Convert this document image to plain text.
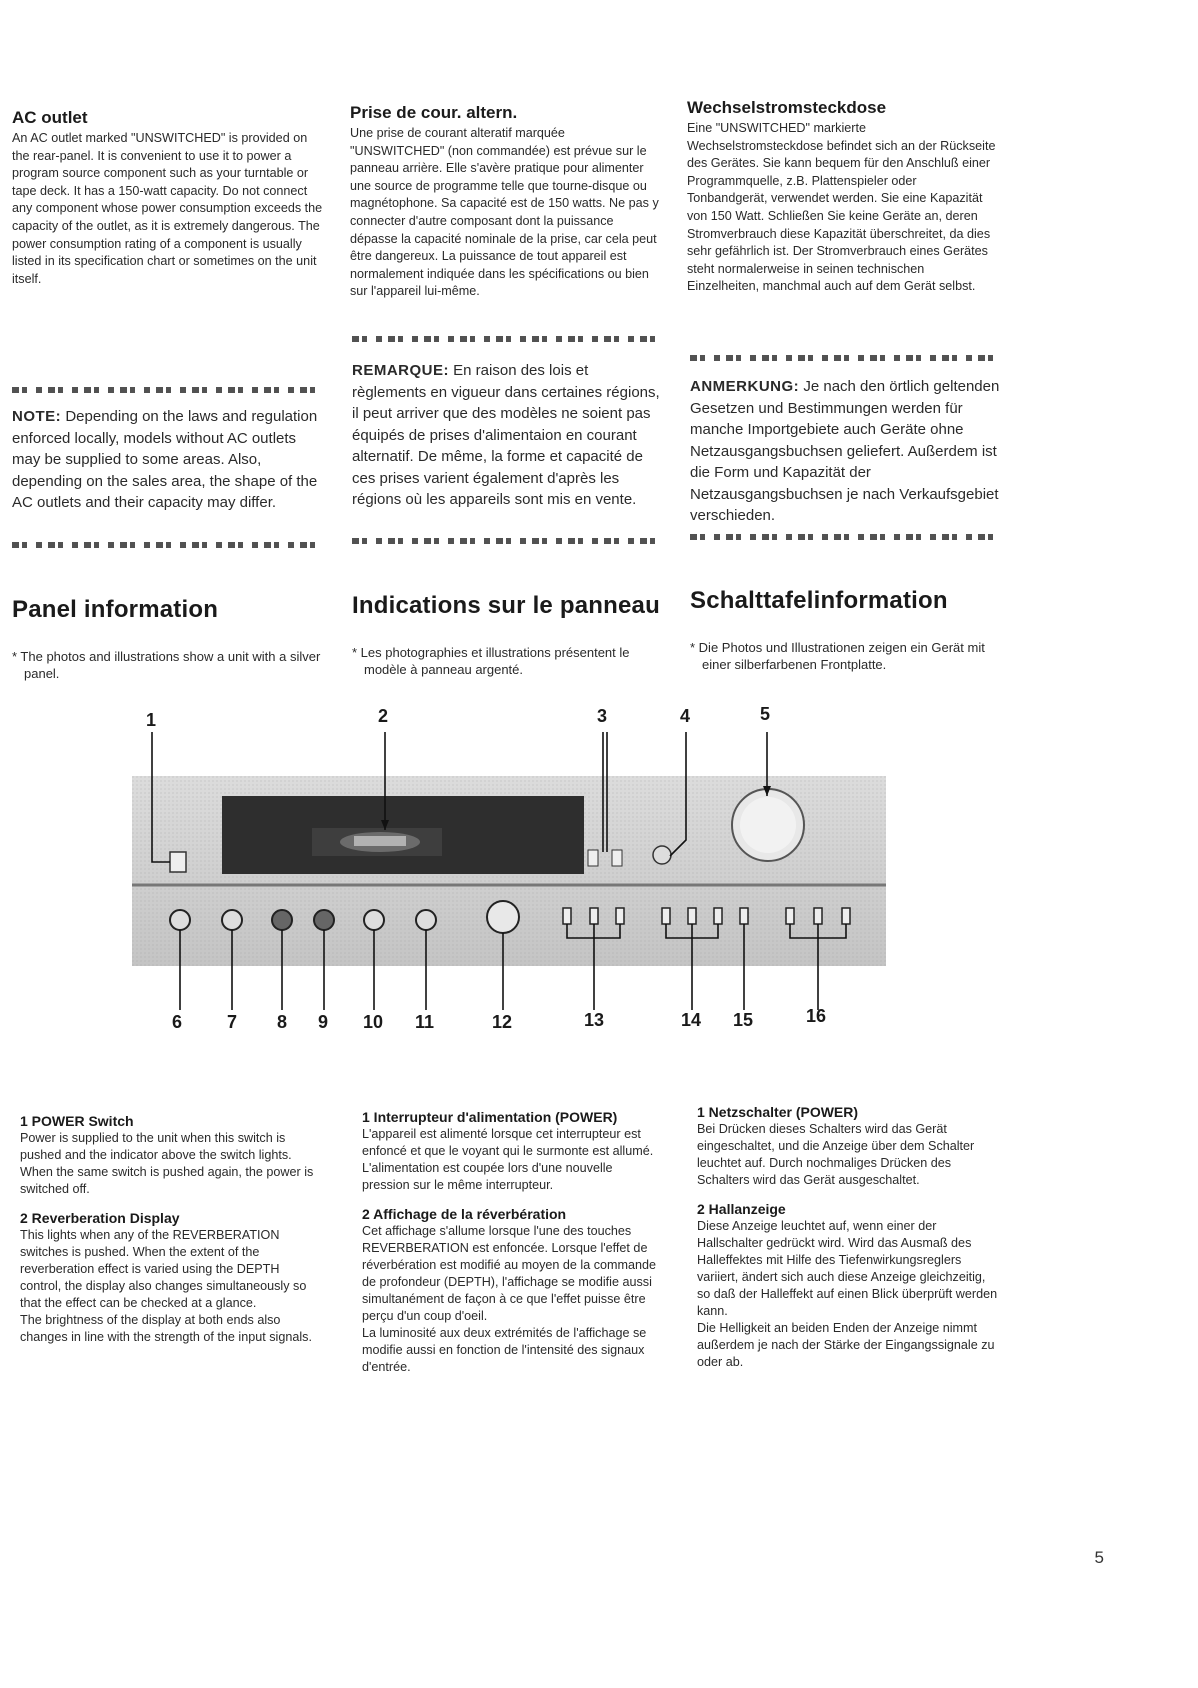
AC outlet

An AC outlet marked "UNSWITCHED" is provided on the rear-panel. It is convenient to use it to power a program source component such as your turntable or tape deck. It has a 150-watt capacity. Do not connect any component whose power consumption exceeds the capacity of the outlet, as it is extremely dangerous. The power consumption rating of a component is usually listed in its specification chart or sometimes on the unit itself.

Prise de cour. altern.

Une prise de courant alteratif marquée "UNSWITCHED" (non commandée) est prévue sur le panneau arrière. Elle s'avère pratique pour alimenter une source de programme telle que tourne-disque ou magnétophone. Sa capacité est de 150 watts. Ne pas y connecter d'autre composant dont la puissance dépasse la capacité nominale de la prise, car cela peut être dangereux. La puissance de tout appareil est normalement indiquée dans les spécifications ou bien sur l'appareil lui-même.

Wechselstromsteckdose

Eine "UNSWITCHED" markierte Wechselstromsteckdose befindet sich an der Rückseite des Gerätes. Sie kann bequem für den Anschluß einer Programmquelle, z.B. Plattenspieler oder Tonbandgerät, verwendet werden. Sie eine Kapazität von 150 Watt. Schließen Sie keine Geräte an, deren Stromverbrauch diese Kapazität überschreitet, da dies sehr gefährlich ist. Der Stromverbrauch eines Gerätes steht normalerweise in seinen technischen Einzelheiten, manchmal auch auf dem Gerät selbst.

NOTE: Depending on the laws and regulation enforced locally, models without AC outlets may be supplied to some areas. Also, depending on the sales area, the shape of the AC outlets and their capacity may differ.

REMARQUE: En raison des lois et règlements en vigueur dans certaines régions, il peut arriver que des modèles ne soient pas équipés de prises d'alimentaion en courant alternatif. De même, la forme et capacité de ces prises varient également d'après les régions où les appareils sont mis en vente.

ANMERKUNG: Je nach den örtlich geltenden Gesetzen und Bestimmungen werden für manche Importgebiete auch Geräte ohne Netzausgangsbuchsen geliefert. Außerdem ist die Form und Kapazität der Netzausgangsbuchsen je nach Verkaufsgebiet verschieden.

Panel information

* The photos and illustrations show a unit with a silver panel.

Indications sur le panneau

* Les photographies et illustrations présentent le modèle à panneau argenté.

Schalttafelinformation

* Die Photos und Illustrationen zeigen ein Gerät mit einer silberfarbenen Frontplatte.

1	2	3	4	5
6 7 8 9 10 11	12	13	14 15	16
1 POWER Switch

Power is supplied to the unit when this switch is pushed and the indicator above the switch lights. When the same switch is pushed again, the power is switched off.

2 Reverberation Display

This lights when any of the REVERBERATION switches is pushed. When the extent of the reverberation effect is varied using the DEPTH control, the display also changes simultaneously so that the effect can be checked at a glance.

The brightness of the display at both ends also changes in line with the strength of the input signals.

1 Interrupteur d'alimentation (POWER)

L'appareil est alimenté lorsque cet interrupteur est enfoncé et que le voyant qui le surmonte est allumé. L'alimentation est coupée lors d'une nouvelle pression sur le même interrupteur.

2 Affichage de la réverbération

Cet affichage s'allume lorsque l'une des touches REVERBERATION est enfoncée. Lorsque l'effet de réverbération est modifié au moyen de la commande de profondeur (DEPTH), l'affichage se modifie aussi simultanément de façon à ce que l'effet puisse être perçu d'un coup d'oeil.

La luminosité aux deux extrémités de l'affichage se modifie aussi en fonction de l'intensité des signaux d'entrée.

1 Netzschalter (POWER)

Bei Drücken dieses Schalters wird das Gerät eingeschaltet, und die Anzeige über dem Schalter leuchtet auf. Durch nochmaliges Drücken des Schalters wird das Gerät ausgeschaltet.

2 Hallanzeige

Diese Anzeige leuchtet auf, wenn einer der Hallschalter gedrückt wird. Wird das Ausmaß des Halleffektes mit Hilfe des Tiefenwirkungsreglers variiert, ändert sich auch diese Anzeige gleichzeitig, so daß der Halleffekt auf einen Blick überprüft werden kann.

Die Helligkeit an beiden Enden der Anzeige nimmt außerdem je nach der Stärke der Eingangssignale zu oder ab.

5
